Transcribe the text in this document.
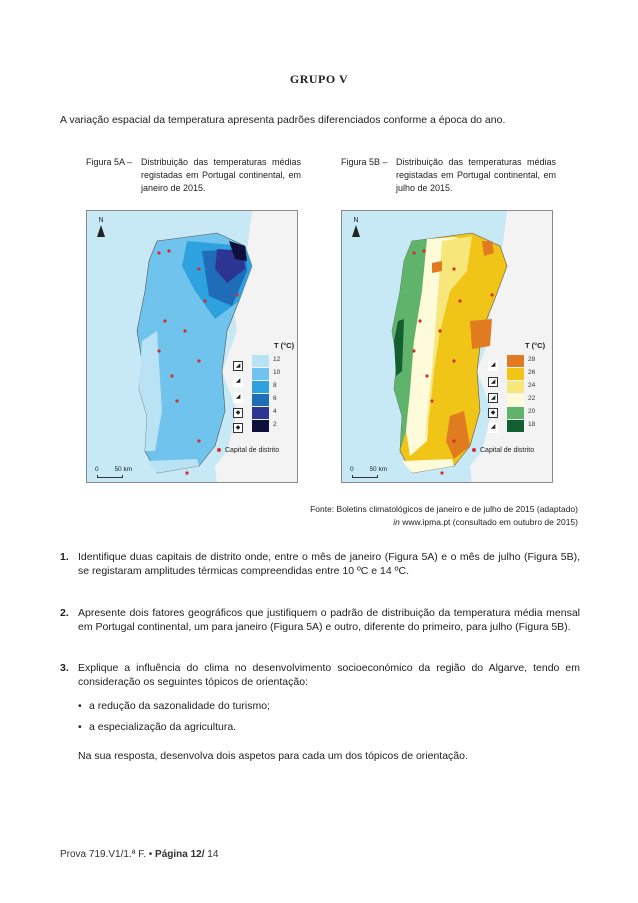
GRUPO V
A variação espacial da temperatura apresenta padrões diferenciados conforme a época do ano.
Figura 5A – Distribuição das temperaturas médias registadas em Portugal continental, em janeiro de 2015.
Figura 5B – Distribuição das temperaturas médias registadas em Portugal continental, em julho de 2015.
N
T (°C)
12
10
8
6
4
2
◢
◢
◢
◆
◆
Capital de distrito
0 50 km
N
T (°C)
28
26
24
22
20
18
◢
◢
◢
◆
◢
Capital de distrito
0 50 km
Fonte: Boletins climatológicos de janeiro e de julho de 2015 (adaptado)
in www.ipma.pt (consultado em outubro de 2015)
1. Identifique duas capitais de distrito onde, entre o mês de janeiro (Figura 5A) e o mês de julho (Figura 5B), se registaram amplitudes térmicas compreendidas entre 10 ºC e 14 ºC.
2. Apresente dois fatores geográficos que justifiquem o padrão de distribuição da temperatura média mensal em Portugal continental, um para janeiro (Figura 5A) e outro, diferente do primeiro, para julho (Figura 5B).
3. Explique a influência do clima no desenvolvimento socioeconómico da região do Algarve, tendo em consideração os seguintes tópicos de orientação:
• a redução da sazonalidade do turismo;
• a especialização da agricultura.
Na sua resposta, desenvolva dois aspetos para cada um dos tópicos de orientação.
Prova 719.V1/1.ª F. • Página 12/ 14
